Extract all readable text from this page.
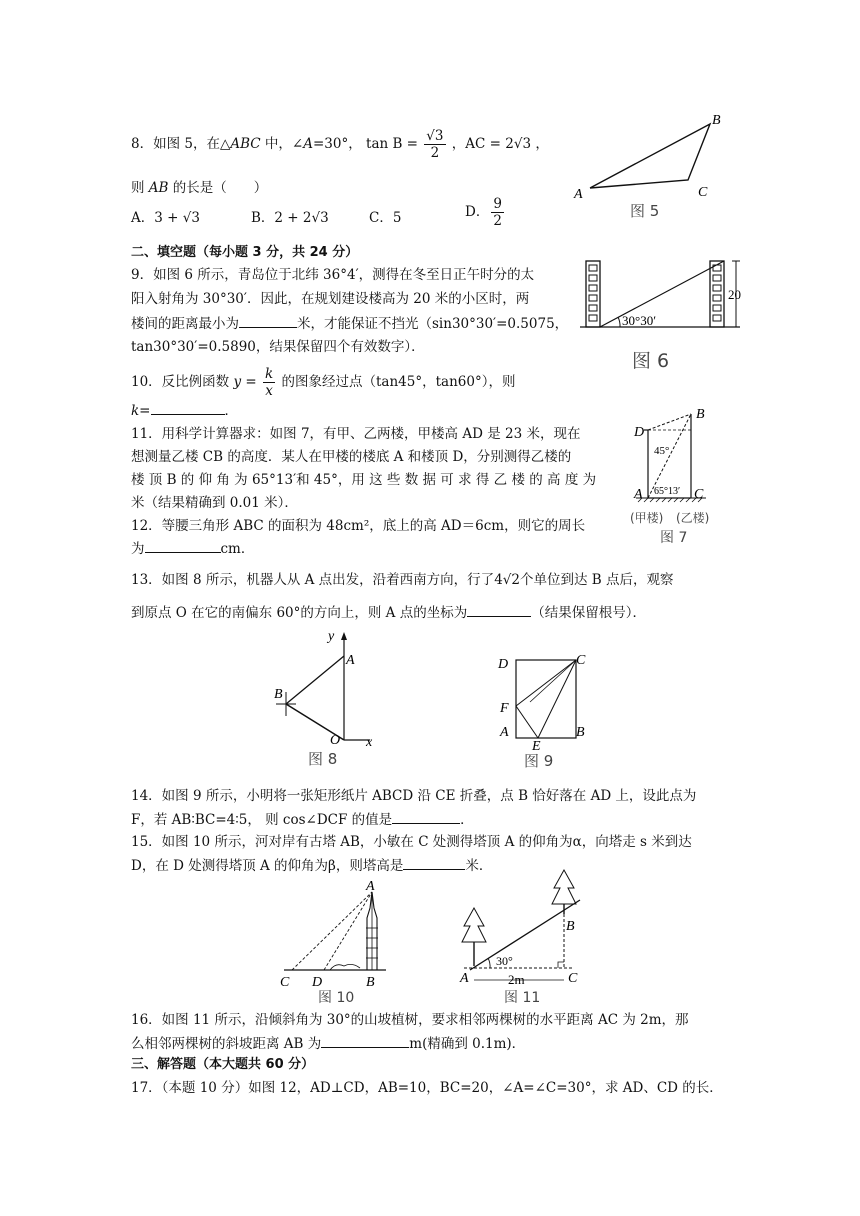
8．如图 5，在△ABC 中，∠A=30°， $\tan B = \frac{√3}{2}$ ，AC = 2√3 ，
则 AB 的长是（　　）
A．3 + √3	B．2 + 2√3	C．5	D． $\frac{9}{2}$
A
B
C
图 5
二、填空题（每小题 3 分，共 24 分）
9．如图 6 所示，青岛位于北纬 36°4′，测得在冬至日正午时分的太
阳入射角为 30°30′．因此，在规划建设楼高为 20 米的小区时，两
楼间的距离最小为	米，才能保证不挡光（sin30°30′=0.5075，
tan30°30′=0.5890，结果保留四个有效数字）．
20
30°30′
图 6
10．反比例函数 $y = \frac{k}{x}$ 的图象经过点（tan45°，tan60°），则
k=	．
11．用科学计算器求：如图 7，有甲、乙两楼，甲楼高 AD 是 23 米，现在
想测量乙楼 CB 的高度．某人在甲楼的楼底 A 和楼顶 D，分别测得乙楼的
楼 顶 B 的 仰 角 为 65°13′和 45°，用 这 些 数 据 可 求 得 乙 楼 的 高 度 为
米（结果精确到 0.01 米）．
D
B
A	C
45°
65°13′
(甲楼) (乙楼)
图 7
12．等腰三角形 ABC 的面积为 48cm²，底上的高 AD＝6cm，则它的周长
为	cm．
13．如图 8 所示，机器人从 A 点出发，沿着西南方向，行了4√2个单位到达 B 点后，观察
到原点 O 在它的南偏东 60°的方向上，则 A 点的坐标为	（结果保留根号）．
y
A
B
O x
图 8
D	C
F
A	B
E
图 9
14．如图 9 所示，小明将一张矩形纸片 ABCD 沿 CE 折叠，点 B 恰好落在 AD 上，设此点为
F，若 AB∶BC=4∶5， 则 cos∠DCF 的值是	．
15．如图 10 所示，河对岸有古塔 AB，小敏在 C 处测得塔顶 A 的仰角为α，向塔走 s 米到达
D，在 D 处测得塔顶 A 的仰角为β，则塔高是	米．
A
C D	B
图 10
30°
2m
A
B
C
图 11
16．如图 11 所示，沿倾斜角为 30°的山坡植树，要求相邻两棵树的水平距离 AC 为 2m，那
么相邻两棵树的斜坡距离 AB 为	m(精确到 0.1m)．
三、解答题（本大题共 60 分）
17．（本题 10 分）如图 12，AD⊥CD，AB=10，BC=20，∠A=∠C=30°，求 AD、CD 的长．
